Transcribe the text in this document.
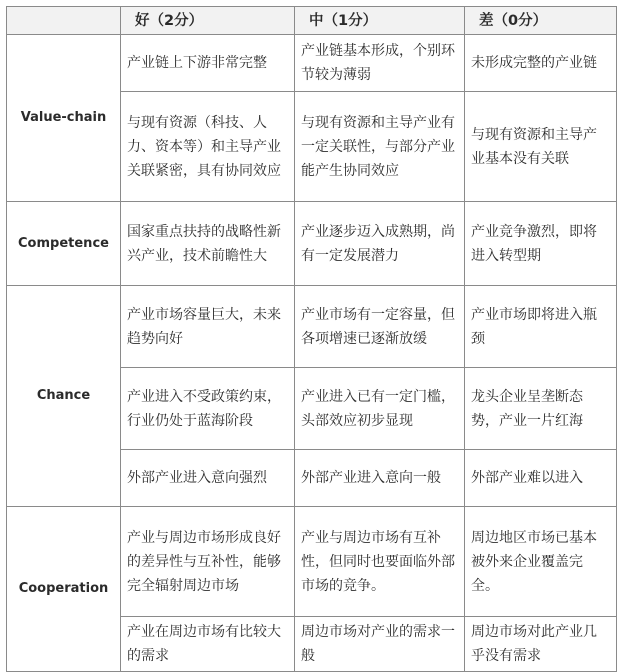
	好（2分）	中（1分）	差（0分）
Value-chain	产业链上下游非常完整	产业链基本形成，个别环节较为薄弱	未形成完整的产业链
	与现有资源（科技、人力、资本等）和主导产业关联紧密，具有协同效应	与现有资源和主导产业有一定关联性，与部分产业能产生协同效应	与现有资源和主导产业基本没有关联
Competence	国家重点扶持的战略性新兴产业，技术前瞻性大	产业逐步迈入成熟期，尚有一定发展潜力	产业竞争激烈，即将进入转型期
Chance	产业市场容量巨大，未来趋势向好	产业市场有一定容量，但各项增速已逐渐放缓	产业市场即将进入瓶颈
	产业进入不受政策约束，行业仍处于蓝海阶段	产业进入已有一定门槛，头部效应初步显现	龙头企业呈垄断态势，产业一片红海
	外部产业进入意向强烈	外部产业进入意向一般	外部产业难以进入
Cooperation	产业与周边市场形成良好的差异性与互补性，能够完全辐射周边市场	产业与周边市场有互补性，但同时也要面临外部市场的竞争。	周边地区市场已基本被外来企业覆盖完全。
	产业在周边市场有比较大的需求	周边市场对产业的需求一般	周边市场对此产业几乎没有需求
